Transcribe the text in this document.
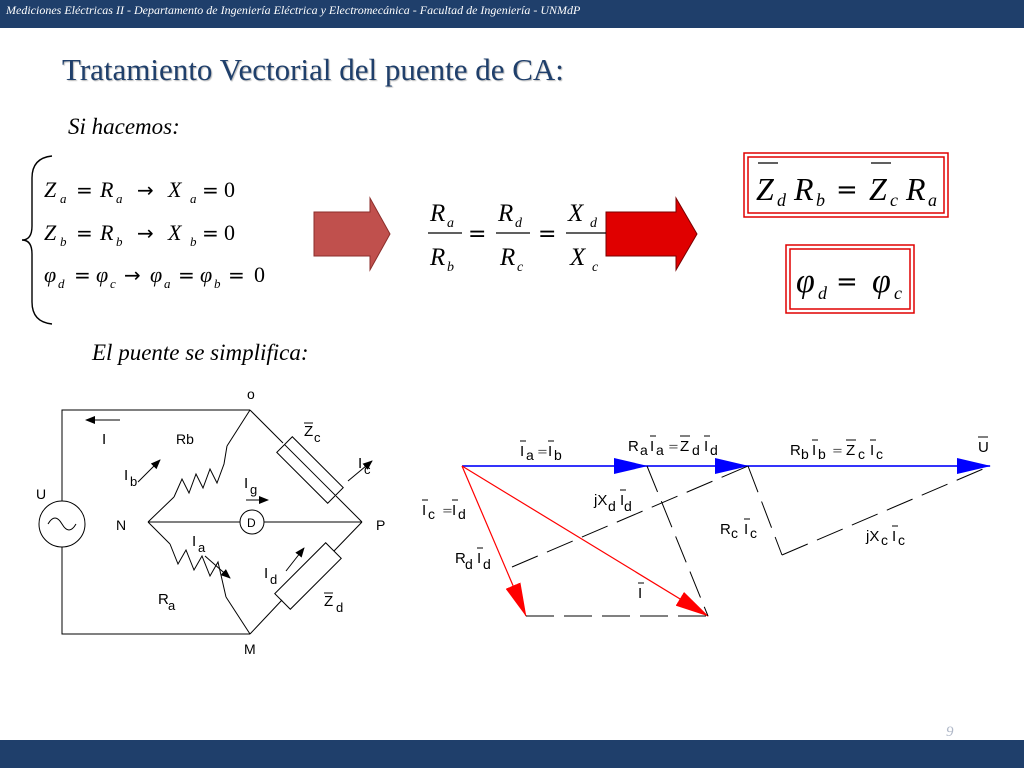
Mediciones Eléctricas II - Departamento de Ingeniería Eléctrica y Electromecánica - Facultad de Ingeniería - UNMdP
Tratamiento Vectorial del puente de CA:
Si hacemos:
El puente se simplifica:
Z a = R a → X a = 0
Z b = R b → X b = 0
φ d = φ c → φ a = φ b = 0
R a
R b
=
R d
R c
=
X d
X c
Z d R b = Z c R a
φ d = φ c
o
N	P
M
U
D
I
I b
I c
I g
I a
I d
Rb
R a
Z c
Z d
I a = I b	R a I a = Z d I d	R b I b = Z c I c	U
I c = I d
jX d I d
R c I c	jX c I c
R d I d
I
9
